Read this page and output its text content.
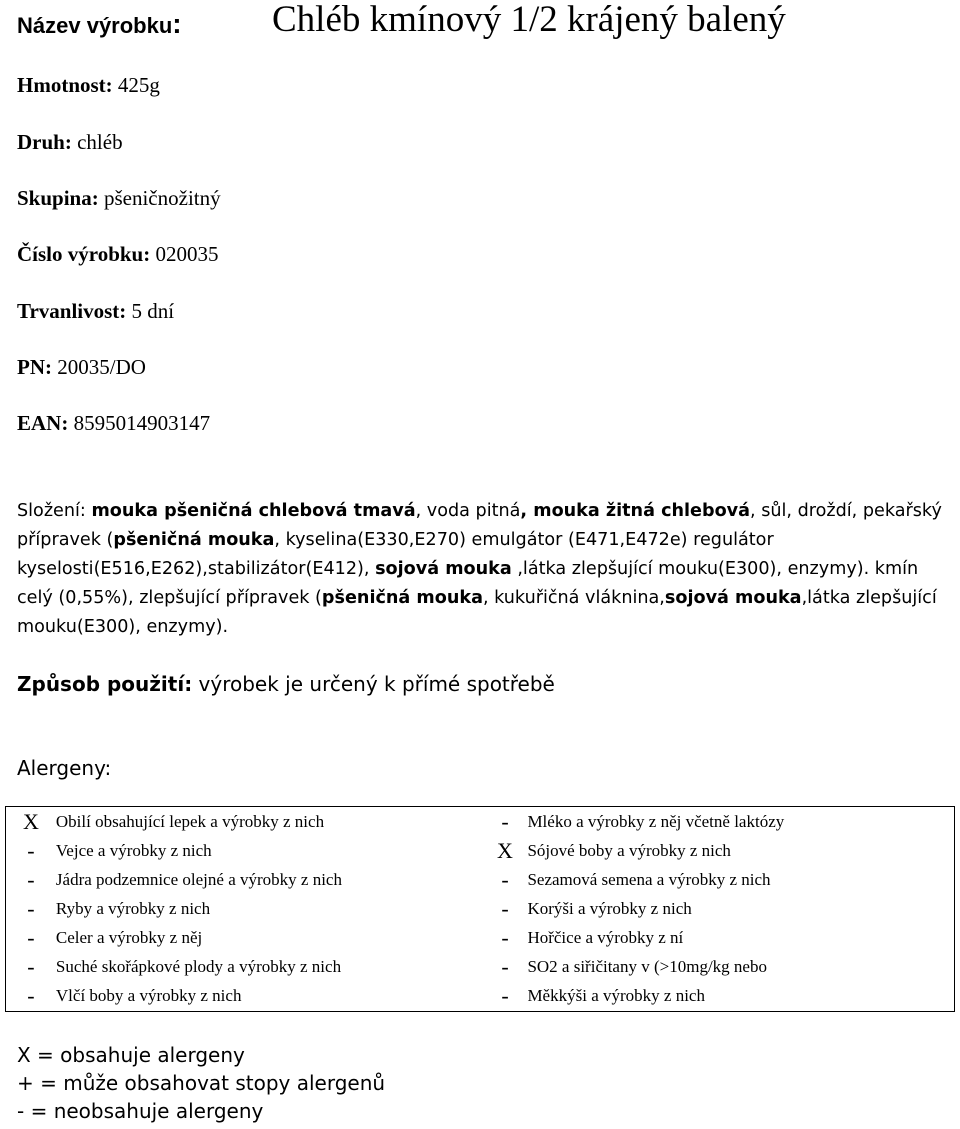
Název výrobku: Chléb kmínový 1/2 krájený balený
Hmotnost: 425g
Druh: chléb
Skupina: pšeničnožitný
Číslo výrobku: 020035
Trvanlivost: 5 dní
PN: 20035/DO
EAN: 8595014903147
Složení: mouka pšeničná chlebová tmavá, voda pitná, mouka žitná chlebová, sůl, droždí, pekařský přípravek (pšeničná mouka, kyselina(E330,E270) emulgátor (E471,E472e) regulátor kyselosti(E516,E262),stabilizátor(E412), sojová mouka ,látka zlepšující mouku(E300), enzymy). kmín celý (0,55%), zlepšující přípravek (pšeničná mouka, kukuřičná vláknina,sojová mouka,látka zlepšující mouku(E300), enzymy).
Způsob použití: výrobek je určený k přímé spotřebě
Alergeny:
X	Obilí obsahující lepek a výrobky z nich	-	Mléko a výrobky z něj včetně laktózy
-	Vejce a výrobky z nich	X	Sójové boby a výrobky z nich
-	Jádra podzemnice olejné a výrobky z nich	-	Sezamová semena a výrobky z nich
-	Ryby a výrobky z nich	-	Korýši a výrobky z nich
-	Celer a výrobky z něj	-	Hořčice a výrobky z ní
-	Suché skořápkové plody a výrobky z nich	-	SO2 a siřičitany v (>10mg/kg nebo
-	Vlčí boby a výrobky z nich	-	Měkkýši a výrobky z nich
X = obsahuje alergeny
+ = může obsahovat stopy alergenů
- = neobsahuje alergeny
